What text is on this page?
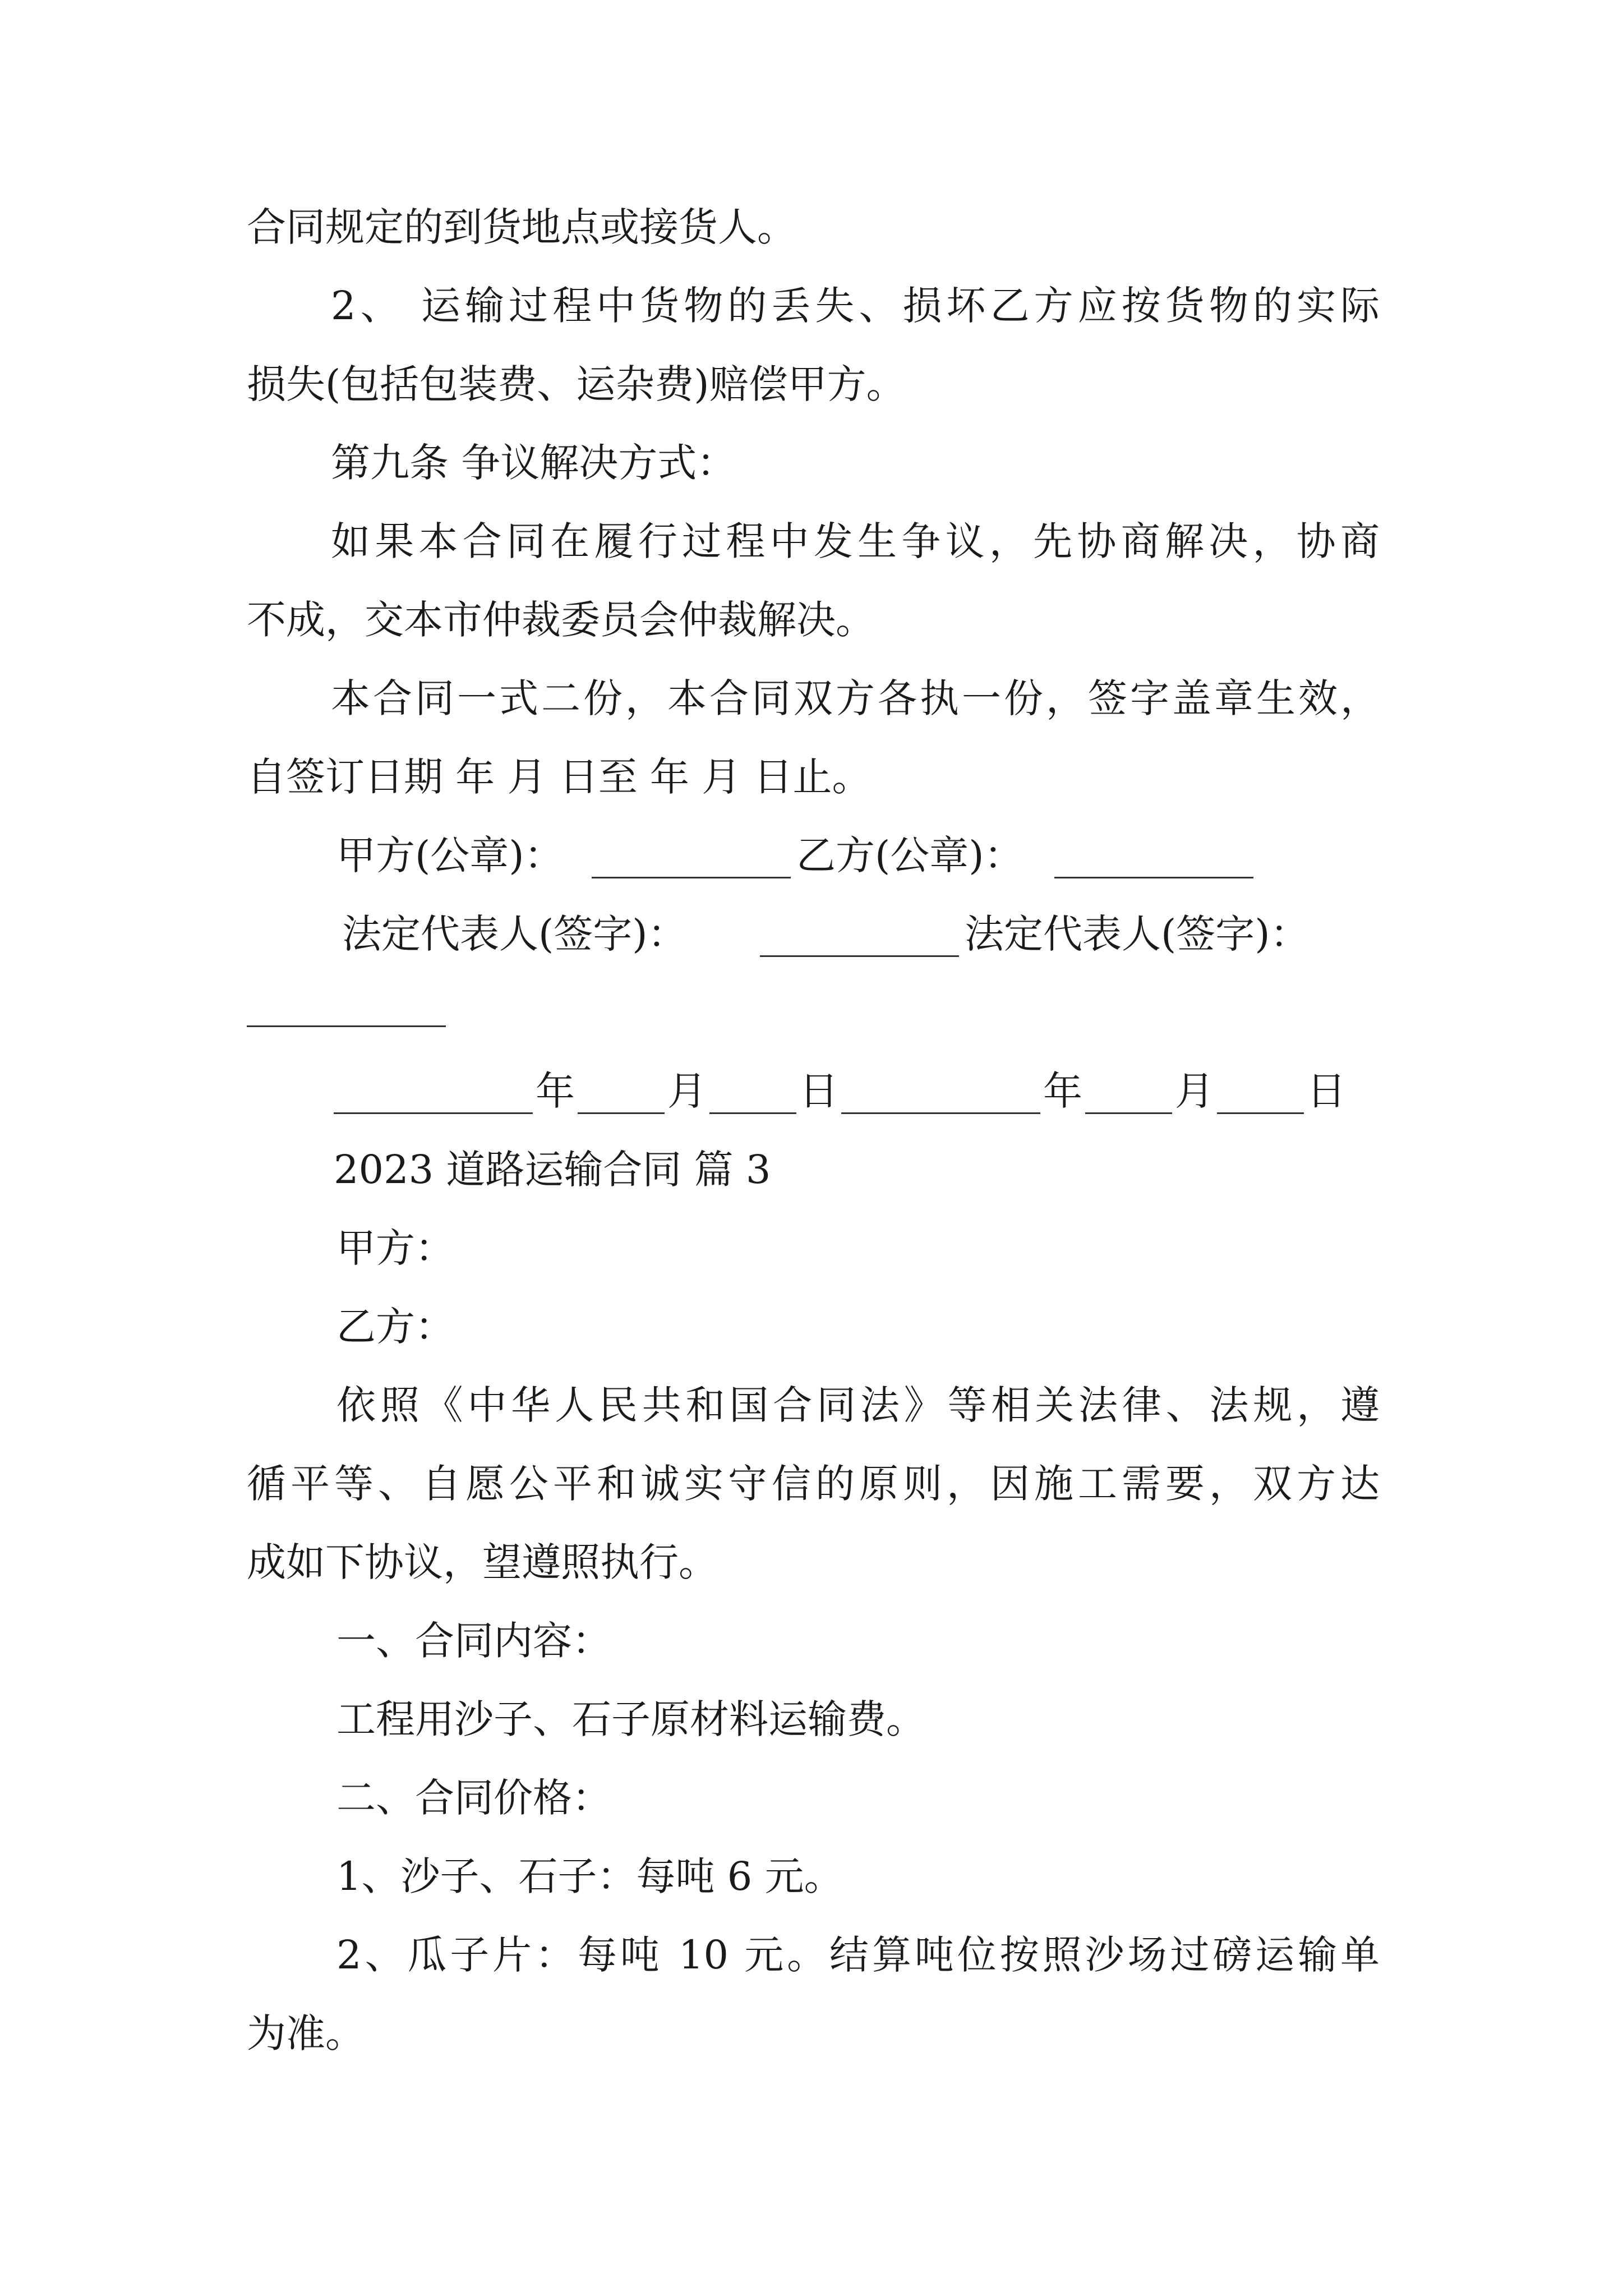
合同规定的到货地点或接货人。
2、 运输过程中货物的丢失、损坏乙方应按货物的实际
损失(包括包装费、运杂费)赔偿甲方。
第九条 争议解决方式：
如果本合同在履行过程中发生争议，先协商解决，协商
不成，交本市仲裁委员会仲裁解决。
本合同一式二份，本合同双方各执一份，签字盖章生效，
自签订日期 年 月 日至 年 月 日止。
甲方(公章)：	乙方(公章)：
法定代表人(签字)：	法定代表人(签字)：
年 月 日	年 月 日
2023 道路运输合同 篇 3
甲方：
乙方：
依照《中华人民共和国合同法》等相关法律、法规，遵
循平等、自愿公平和诚实守信的原则，因施工需要，双方达
成如下协议，望遵照执行。
一、合同内容：
工程用沙子、石子原材料运输费。
二、合同价格：
1、沙子、石子：每吨 6 元。
2、瓜子片：每吨 10 元。结算吨位按照沙场过磅运输单
为准。
